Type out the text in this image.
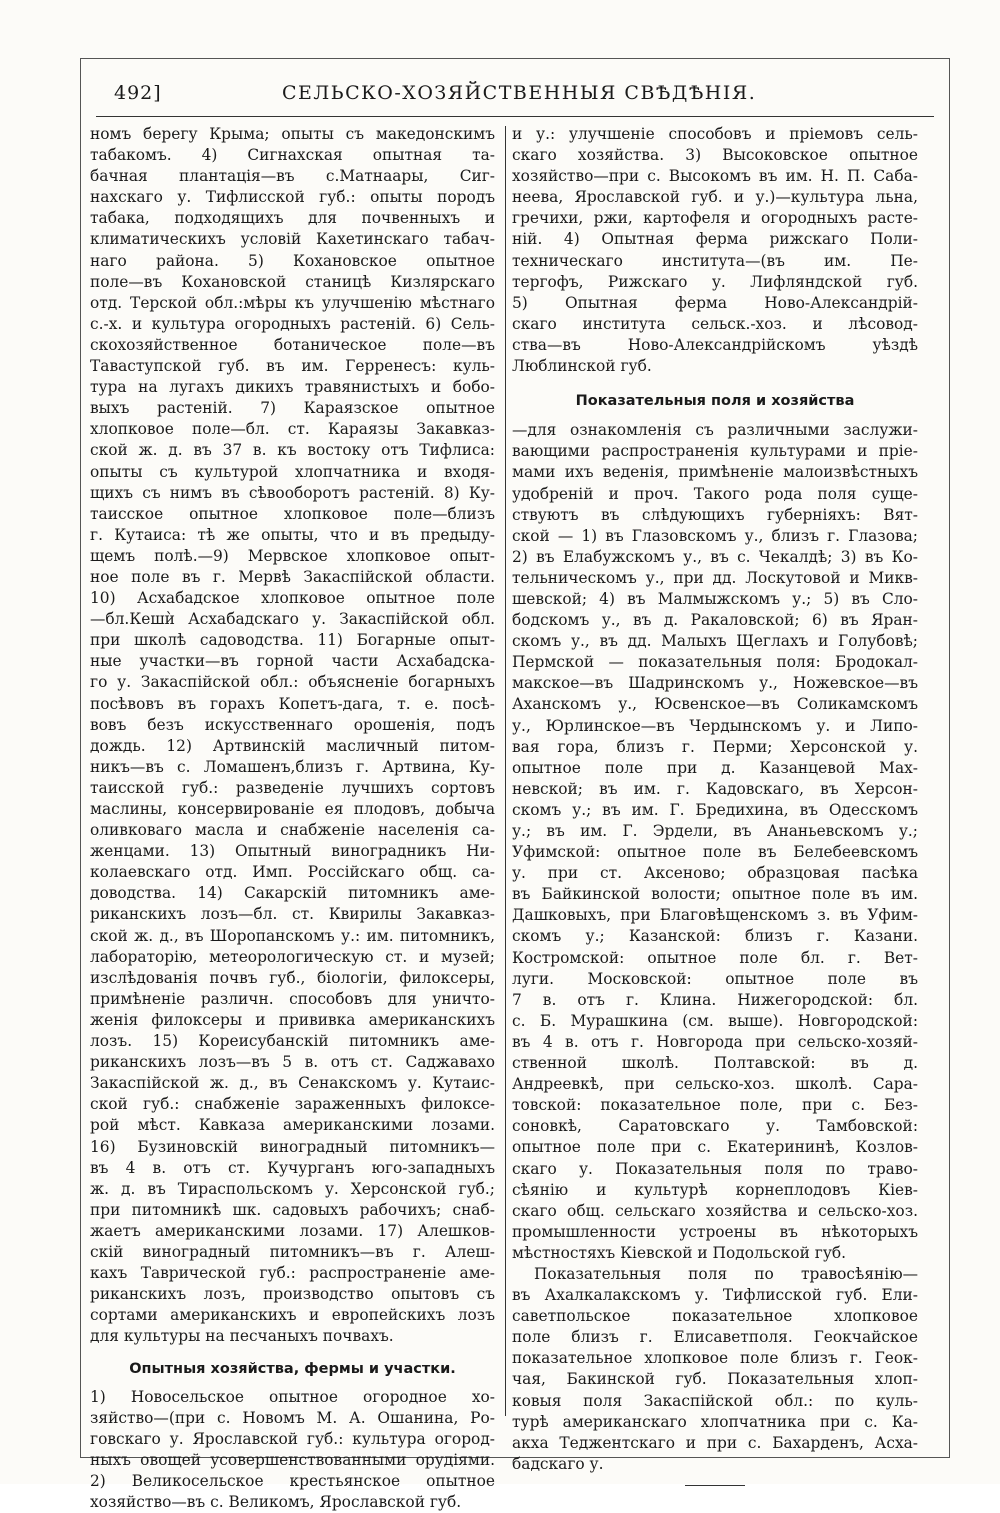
492]	СЕЛЬСКО-ХОЗЯЙСТВЕННЫЯ СВѢДѢНІЯ.
номъ берегу Крыма; опыты съ македонскимъ
табакомъ. 4) Сигнахская опытная та-
бачная плантація—въ с.Матнаары, Сиг-
нахскаго у. Тифлисской губ.: опыты породъ
табака, подходящихъ для почвенныхъ и
климатическихъ условій Кахетинскаго табач-
наго района. 5) Кохановское опытное
поле—въ Кохановской станицѣ Кизлярскаго
отд. Терской обл.:мѣры къ улучшенію мѣстнаго
с.-х. и культура огородныхъ растеній. 6) Сель-
скохозяйственное ботаническое поле—въ
Таваступской губ. въ им. Герренесъ: куль-
тура на лугахъ дикихъ травянистыхъ и бобо-
выхъ растеній. 7) Караязское опытное
хлопковое поле—бл. ст. Караязы Закавказ-
ской ж. д. въ 37 в. къ востоку отъ Тифлиса:
опыты съ культурой хлопчатника и входя-
щихъ съ нимъ въ сѣвооборотъ растеній. 8) Ку-
таисское опытное хлопковое поле—близъ
г. Кутаиса: тѣ же опыты, что и въ предыду-
щемъ полѣ.—9) Мервское хлопковое опыт-
ное поле въ г. Мервѣ Закаспійской области.
10) Асхабадское хлопковое опытное поле
—бл.Кешѝ Асхабадскаго у. Закаспійской обл.
при школѣ садоводства. 11) Богарные опыт-
ные участки—въ горной части Асхабадска-
го у. Закаспійской обл.: объясненіе богарныхъ
посѣвовъ въ горахъ Копетъ-дага, т. е. посѣ-
вовъ безъ искусственнаго орошенія, подъ
дождь. 12) Артвинскій масличный питом-
никъ—въ с. Ломашенъ,близъ г. Артвина, Ку-
таисской губ.: разведеніе лучшихъ сортовъ
маслины, консервированіе ея плодовъ, добыча
оливковаго масла и снабженіе населенія са-
женцами. 13) Опытный виноградникъ Ни-
колаевскаго отд. Имп. Россійскаго общ. са-
доводства. 14) Сакарскій питомникъ аме-
риканскихъ лозъ—бл. ст. Квирилы Закавказ-
ской ж. д., въ Шоропанскомъ у.: им. питомникъ,
лабораторію, метеорологическую ст. и музей;
изслѣдованія почвъ губ., біологіи, филоксеры,
примѣненіе различн. способовъ для уничто-
женія филоксеры и прививка американскихъ
лозъ. 15) Кореисубанскій питомникъ аме-
риканскихъ лозъ—въ 5 в. отъ ст. Саджавахо
Закаспійской ж. д., въ Сенакскомъ у. Кутаис-
ской губ.: снабженіе зараженныхъ филоксе-
рой мѣст. Кавказа американскими лозами.
16) Бузиновскій виноградный питомникъ—
въ 4 в. отъ ст. Кучурганъ юго-западныхъ
ж. д. въ Тираспольскомъ у. Херсонской губ.;
при питомникѣ шк. садовыхъ рабочихъ; снаб-
жаетъ американскими лозами. 17) Алешков-
скій виноградный питомникъ—въ г. Алеш-
кахъ Таврической губ.: распространеніе аме-
риканскихъ лозъ, производство опытовъ съ
сортами американскихъ и европейскихъ лозъ
для культуры на песчаныхъ почвахъ.
Опытныя хозяйства, фермы и участки.
1) Новосельское опытное огородное хо-
зяйство—(при с. Новомъ М. А. Ошанина, Ро-
говскаго у. Ярославской губ.: культура огород-
ныхъ овощей усовершенствованными орудіями.
2) Великосельское крестьянское опытное
хозяйство—въ с. Великомъ, Ярославской губ.
и у.: улучшеніе способовъ и пріемовъ сель-
скаго хозяйства. 3) Высоковское опытное
хозяйство—при с. Высокомъ въ им. Н. П. Саба-
неева, Ярославской губ. и у.)—культура льна,
гречихи, ржи, картофеля и огородныхъ расте-
ній. 4) Опытная ферма рижскаго Поли-
техническаго института—(въ им. Пе-
тергофъ, Рижскаго у. Лифляндской губ.
5) Опытная ферма Ново-Александрій-
скаго института сельск.-хоз. и лѣсовод-
ства—въ Ново-Александрійскомъ уѣздѣ
Люблинской губ.
Показательныя поля и хозяйства
—для ознакомленія съ различными заслужи-
вающими распространенія культурами и пріе-
мами ихъ веденія, примѣненіе малоизвѣстныхъ
удобреній и проч. Такого рода поля суще-
ствуютъ въ слѣдующихъ губерніяхъ: Вят-
ской — 1) въ Глазовскомъ у., близъ г. Глазова;
2) въ Елабужскомъ у., въ с. Чекалдѣ; 3) въ Ко-
тельническомъ у., при дд. Лоскутовой и Микв-
шевской; 4) въ Малмыжскомъ у.; 5) въ Сло-
бодскомъ у., въ д. Ракаловской; 6) въ Яран-
скомъ у., въ дд. Малыхъ Щеглахъ и Голубовѣ;
Пермской — показательныя поля: Бродокал-
макское—въ Шадринскомъ у., Ножевское—въ
Аханскомъ у., Юсвенское—въ Соликамскомъ
у., Юрлинское—въ Чердынскомъ у. и Липо-
вая гора, близъ г. Перми; Херсонской у.
опытное поле при д. Казанцевой Мах-
невской; въ им. г. Кадовскаго, въ Херсон-
скомъ у.; въ им. Г. Бредихина, въ Одесскомъ
у.; въ им. Г. Эрдели, въ Ананьевскомъ у.;
Уфимской: опытное поле въ Белебеевскомъ
у. при ст. Аксеново; образцовая пасѣка
въ Байкинской волости; опытное поле въ им.
Дашковыхъ, при Благовѣщенскомъ з. въ Уфим-
скомъ у.; Казанской: близъ г. Казани.
Костромской: опытное поле бл. г. Вет-
луги. Московской: опытное поле въ
7 в. отъ г. Клина. Нижегородской: бл.
с. Б. Мурашкина (см. выше). Новгородской:
въ 4 в. отъ г. Новгорода при сельско-хозяй-
ственной школѣ. Полтавской: въ д.
Андреевкѣ, при сельско-хоз. школѣ. Сара-
товской: показательное поле, при с. Без-
соновкѣ, Саратовскаго у. Тамбовской:
опытное поле при с. Екатерининѣ, Козлов-
скаго у. Показательныя поля по траво-
сѣянію и культурѣ корнеплодовъ Кіев-
скаго общ. сельскаго хозяйства и сельско-хоз.
промышленности устроены въ нѣкоторыхъ
мѣстностяхъ Кіевской и Подольской губ.
Показательныя поля по травосѣянію—
въ Ахалкалакскомъ у. Тифлисской губ. Ели-
саветпольское показательное хлопковое
поле близъ г. Елисаветполя. Геокчайское
показательное хлопковое поле близъ г. Геок-
чая, Бакинской губ. Показательныя хлоп-
ковыя поля Закаспійской обл.: по куль-
турѣ американскаго хлопчатника при с. Ка-
акха Теджентскаго и при с. Бахарденъ, Асха-
бадскаго у.
